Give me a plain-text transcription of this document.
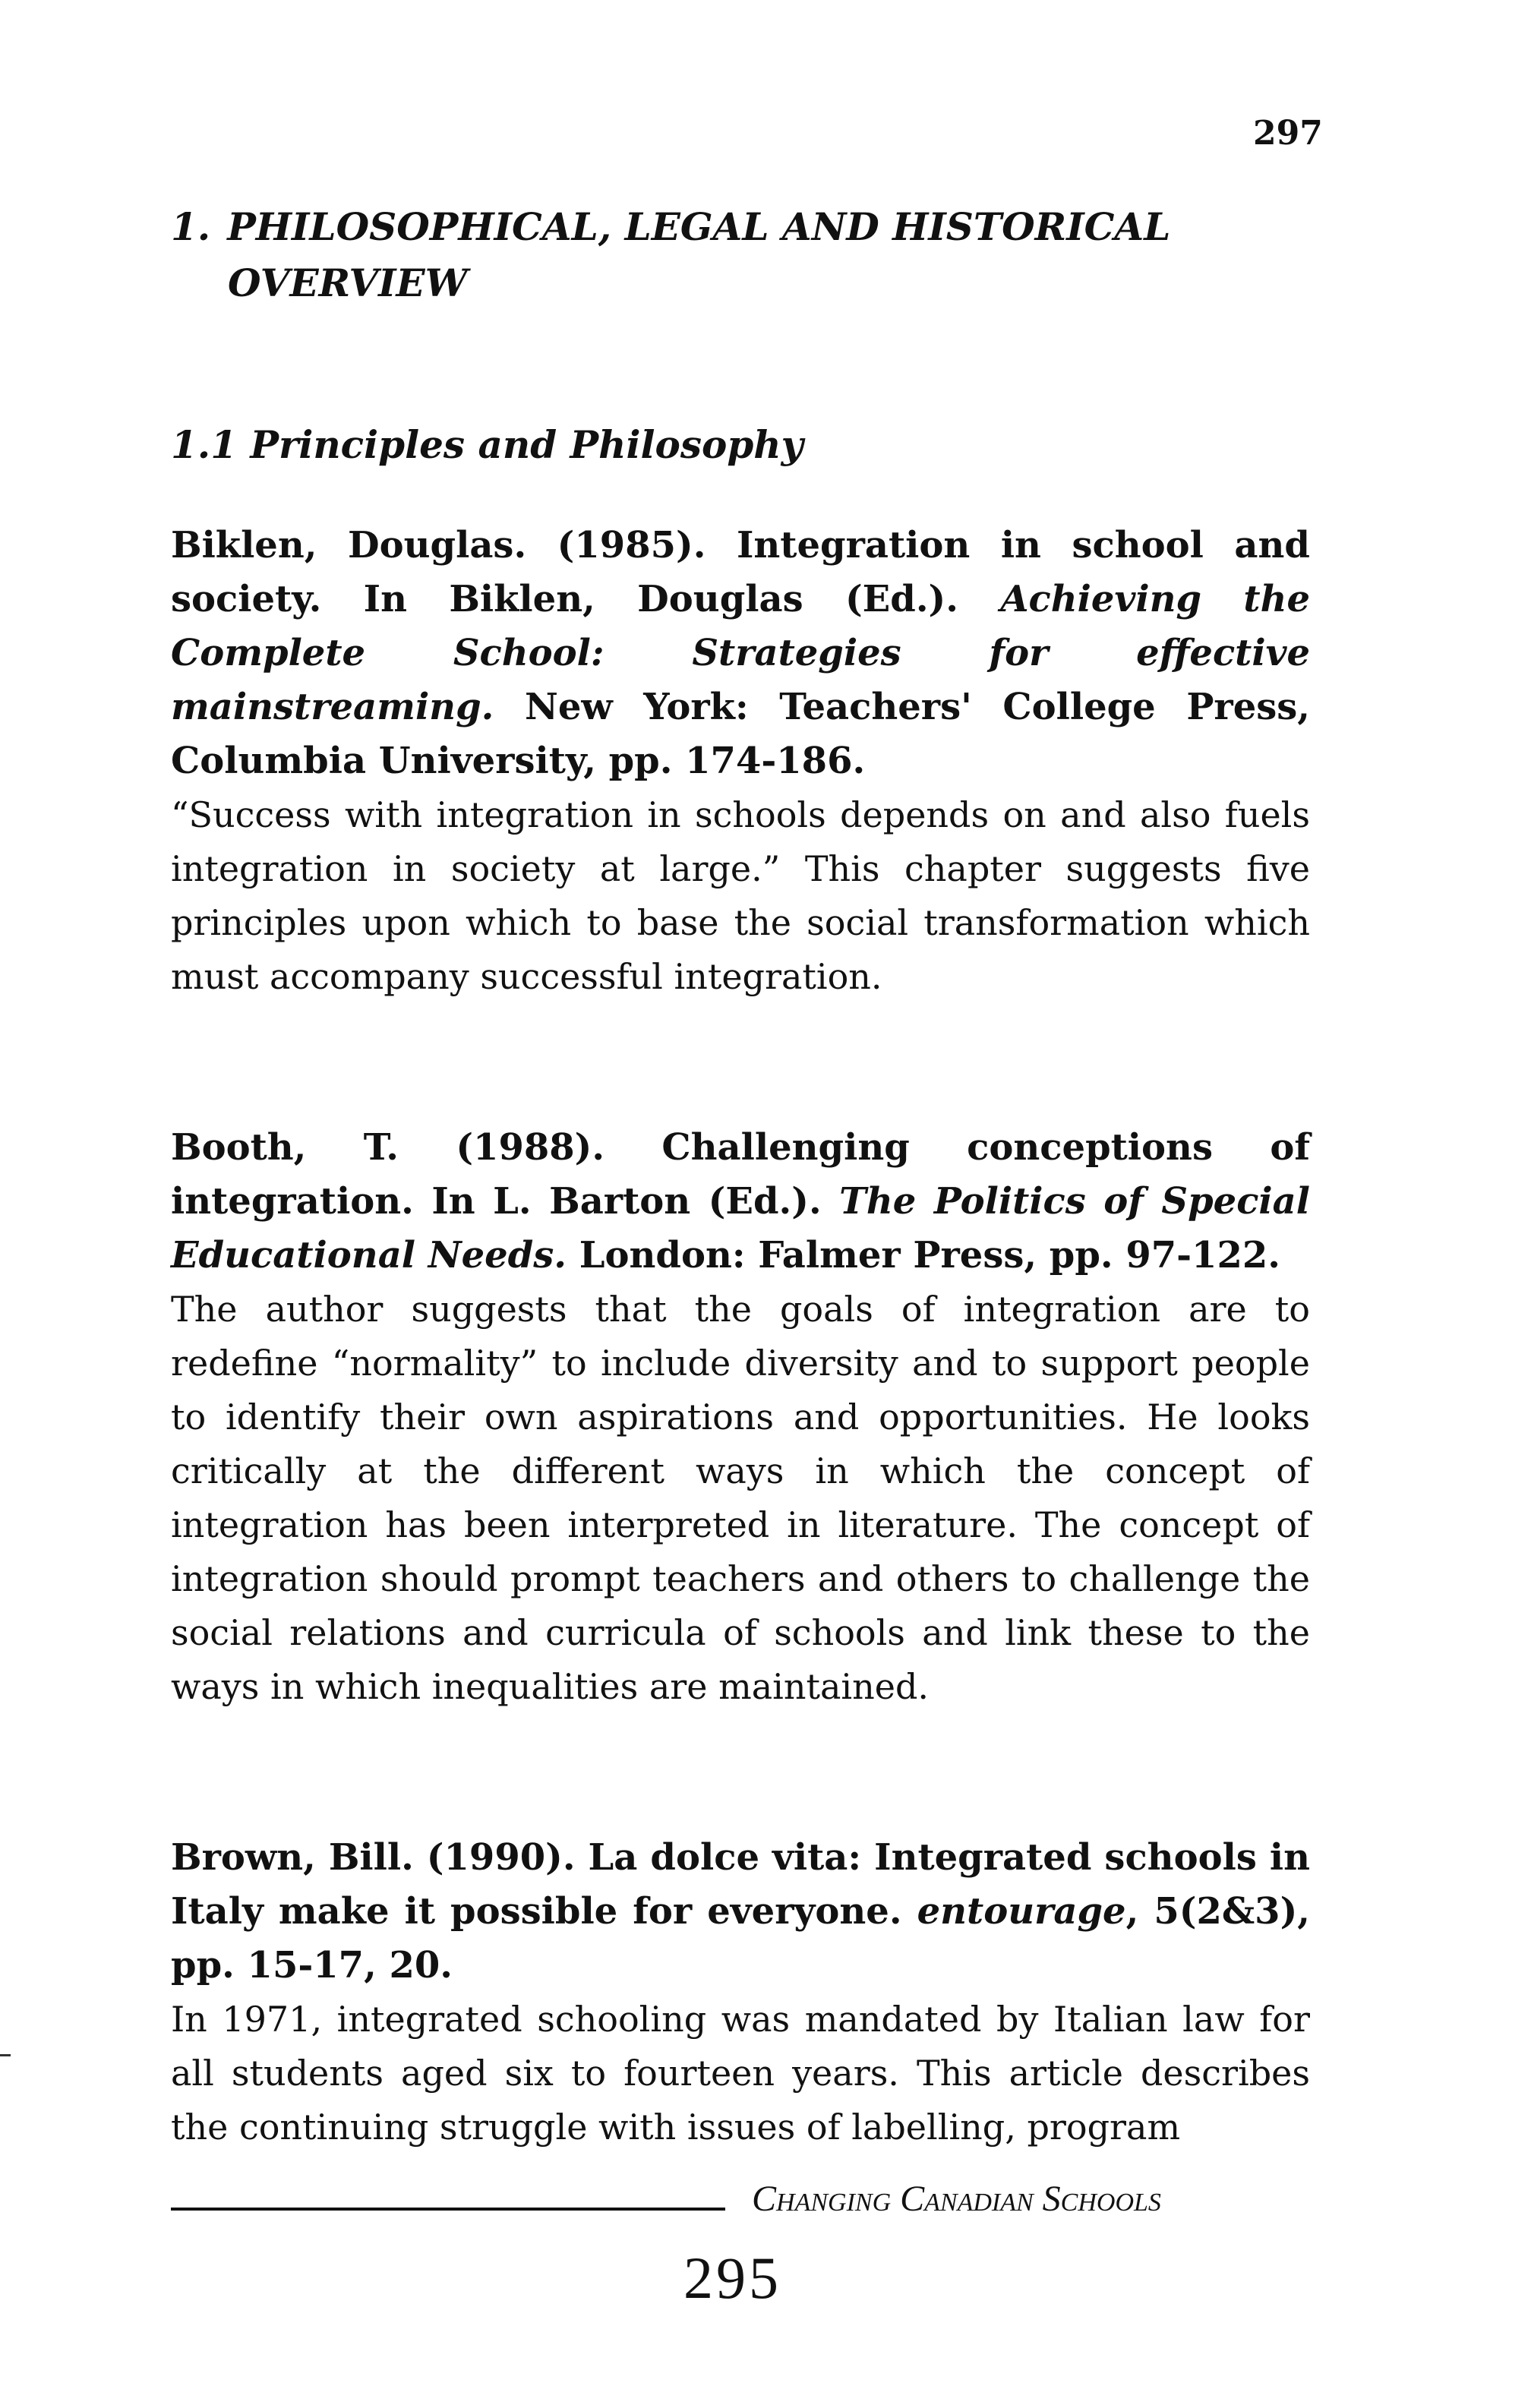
297
1. PHILOSOPHICAL, LEGAL AND HISTORICAL
OVERVIEW
1.1 Principles and Philosophy

Biklen, Douglas. (1985). Integration in school and society. In Biklen, Douglas (Ed.). Achieving the Complete School: Strategies for effective mainstreaming. New York: Teachers' College Press, Columbia University, pp. 174-186.

“Success with integration in schools depends on and also fuels integration in society at large.” This chapter suggests five principles upon which to base the social transformation which must accompany successful integration.

Booth, T. (1988). Challenging conceptions of integration. In L. Barton (Ed.). The Politics of Special Educational Needs. London: Falmer Press, pp. 97-122.

The author suggests that the goals of integration are to redefine “normality” to include diversity and to support people to identify their own aspirations and opportunities. He looks critically at the different ways in which the concept of integration has been interpreted in literature. The concept of integration should prompt teachers and others to challenge the social relations and curricula of schools and link these to the ways in which inequalities are maintained.

Brown, Bill. (1990). La dolce vita: Integrated schools in Italy make it possible for everyone. entourage, 5(2&3), pp. 15-17, 20.

In 1971, integrated schooling was mandated by Italian law for all students aged six to fourteen years. This article describes the continuing struggle with issues of labelling, program

Changing Canadian Schools
295
